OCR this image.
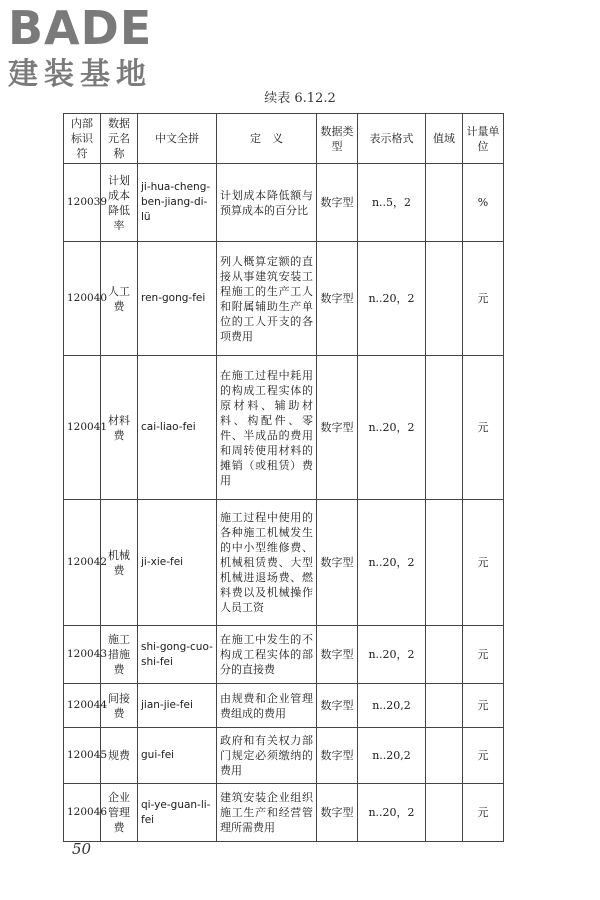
BADE
建装基地
续表 6.12.2
内部标识符	数据元名称	中文全拼	定　义	数据类型	表示格式	值域	计量单位
120039	计划成本降低率	ji-hua-cheng-ben-jiang-di-lü	计划成本降低额与预算成本的百分比	数字型	n..5，2		%
120040	人工费	ren-gong-fei	列人概算定额的直接从事建筑安装工程施工的生产工人和附属辅助生产单位的工人开支的各项费用	数字型	n..20，2		元
120041	材料费	cai-liao-fei	在施工过程中耗用的构成工程实体的原材料、辅助材料、构配件、零件、半成品的费用和周转使用材料的摊销（或租赁）费用	数字型	n..20，2		元
120042	机械费	ji-xie-fei	施工过程中使用的各种施工机械发生的中小型维修费、机械租赁费、大型机械进退场费、燃料费以及机械操作人员工资	数字型	n..20，2		元
120043	施工措施费	shi-gong-cuo-shi-fei	在施工中发生的不构成工程实体的部分的直接费	数字型	n..20，2		元
120044	间接费	jian-jie-fei	由规费和企业管理费组成的费用	数字型	n..20,2		元
120045	规费	gui-fei	政府和有关权力部门规定必须缴纳的费用	数字型	n..20,2		元
120046	企业管理费	qi-ye-guan-li-fei	建筑安装企业组织施工生产和经营管理所需费用	数字型	n..20，2		元
50
